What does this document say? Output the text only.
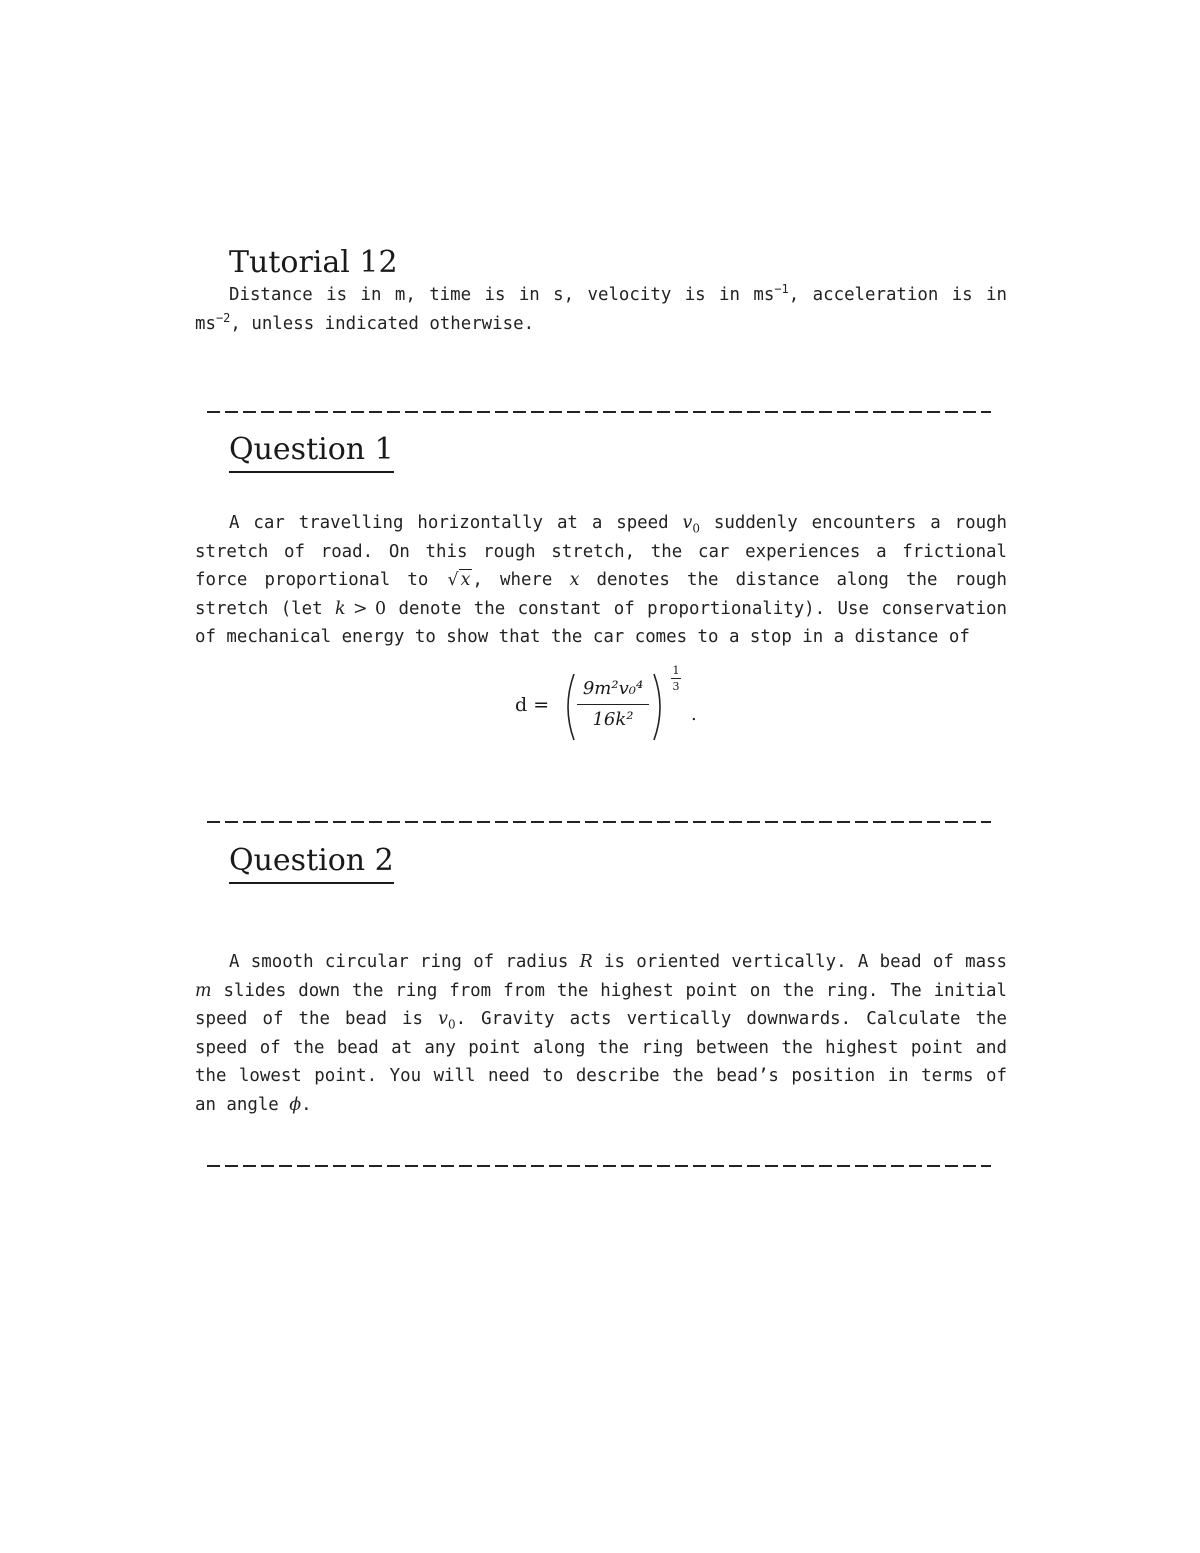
Tutorial 12
Distance is in m, time is in s, velocity is in $ms^{-1}$, acceleration is in $ms^{-2}$, unless indicated otherwise.
Question 1
A car travelling horizontally at a speed $v_0$ suddenly encounters a rough stretch of road. On this rough stretch, the car experiences a frictional force proportional to √ x , where x denotes the distance along the rough stretch (let k > 0 denote the constant of proportionality). Use conservation of mechanical energy to show that the car comes to a stop in a distance of
d =
9m²v₀⁴
16k²
1
3
.
Question 2
A smooth circular ring of radius R is oriented vertically. A bead of mass m slides down the ring from from the highest point on the ring. The initial speed of the bead is $v_0$. Gravity acts vertically downwards. Calculate the speed of the bead at any point along the ring between the highest point and the lowest point. You will need to describe the bead’s position in terms of an angle ϕ.
